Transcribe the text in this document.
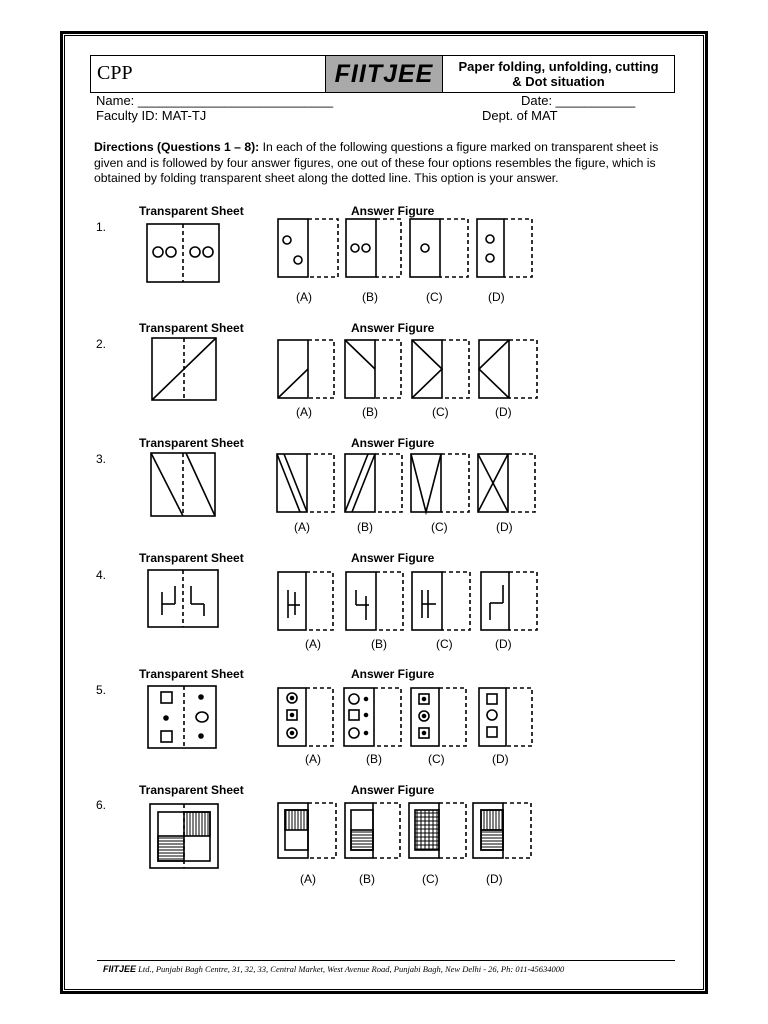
CPP	FIITJEE	Paper folding, unfolding, cutting
& Dot situation
Name: ___________________________	Date: ___________
Faculty ID: MAT-TJ	Dept. of MAT
Directions (Questions 1 – 8): In each of the following questions a figure marked on transparent sheet is given and is followed by four answer figures, one out of these four options resembles the figure, which is obtained by folding transparent sheet along the dotted line. This option is your answer.
Transparent Sheet	Answer Figure
1.
(A)	(B)	(C)	(D)
Transparent Sheet	Answer Figure
2.
(A)	(B)	(C)	(D)
Transparent Sheet	Answer Figure
3.
(A)	(B)	(C)	(D)
Transparent Sheet	Answer Figure
4.
(A)	(B)	(C)	(D)
Transparent Sheet	Answer Figure
5.
(A)	(B)	(C)	(D)
Transparent Sheet	Answer Figure
6.
(A)	(B)	(C)	(D)
FIITJEE Ltd., Punjabi Bagh Centre, 31, 32, 33, Central Market, West Avenue Road, Punjabi Bagh, New Delhi - 26, Ph: 011-45634000
